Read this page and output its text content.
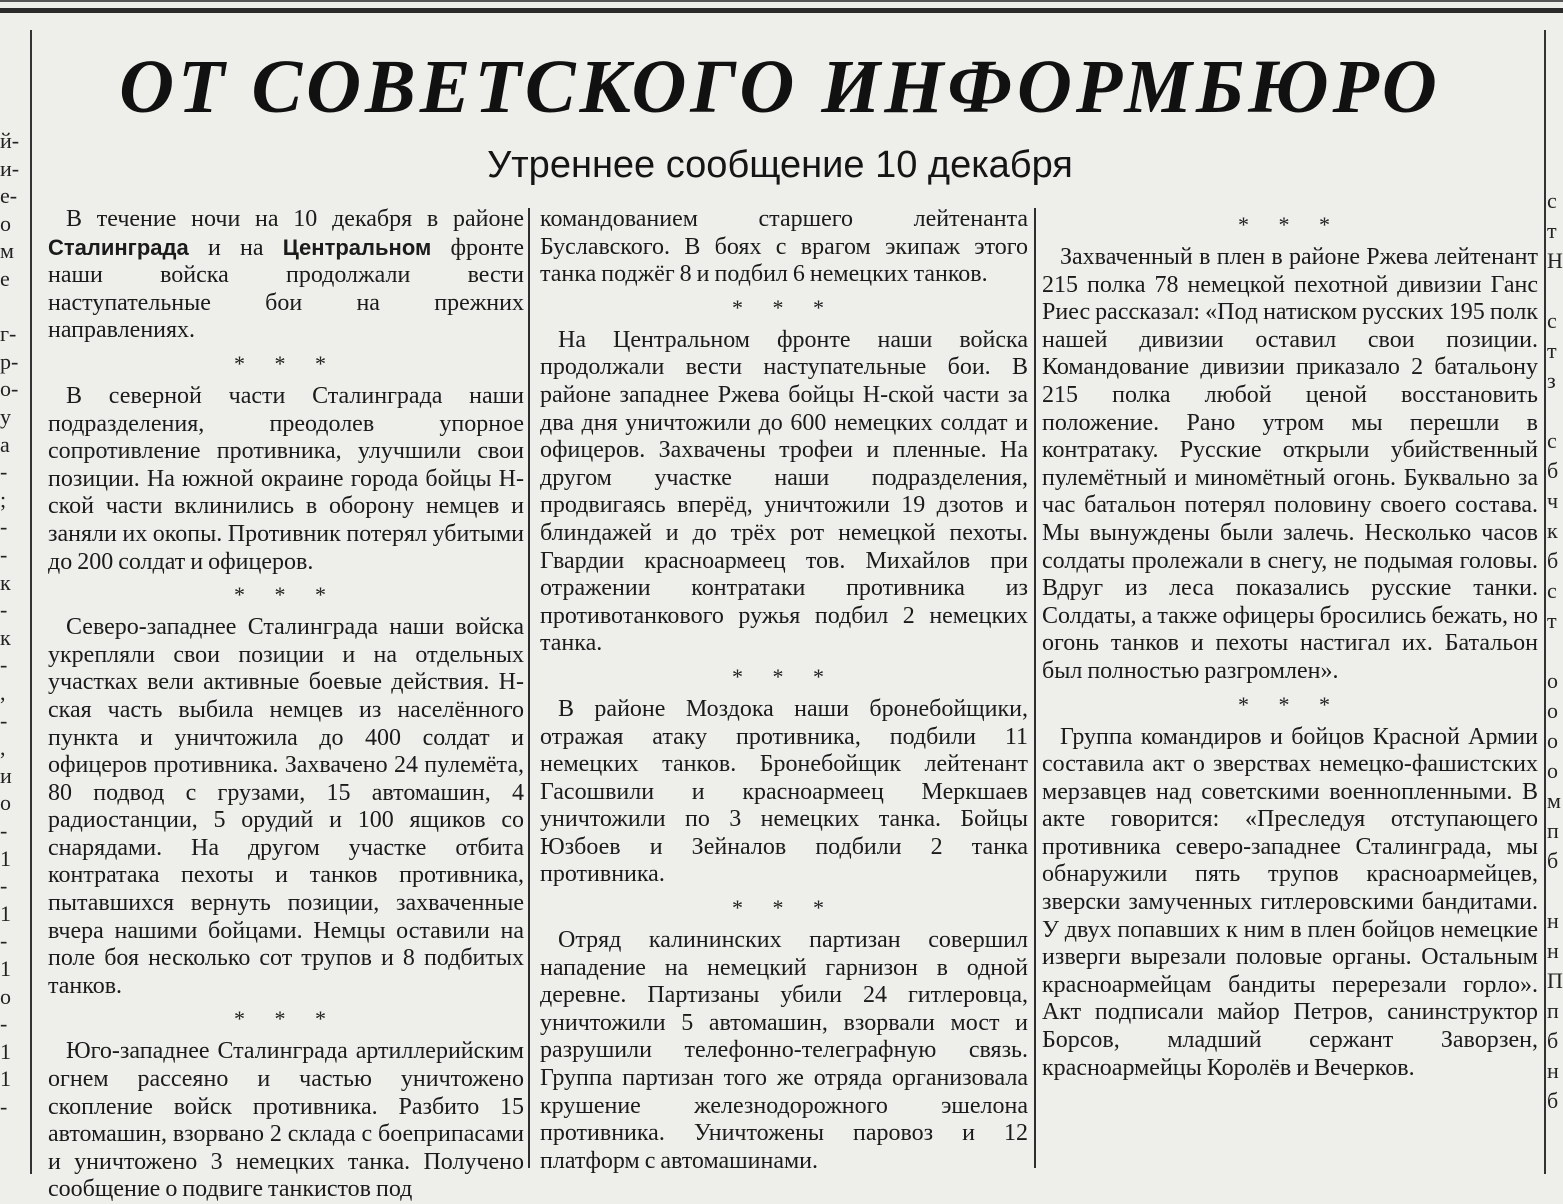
й-
и-
е-
о
м
е
г-
р-
о-
у
а
-
;
-
-
к
-
к
-
,
-
,
и
о
-
1
-
1
-
1
о
-
1
1
-
с
т
Н
с
т
з
с
б
ч
к
б
с
т
о
о
о
о
м
п
б
н
н
П
п
б
н
б
ОТ СОВЕТСКОГО ИНФОРМБЮРО
Утреннее сообщение 10 декабря

В течение ночи на 10 декабря в районе Сталинграда и на Центральном фронте наши войска продолжали вести наступательные бои на прежних направлениях.

* * *

В северной части Сталинграда наши подразделения, преодолев упорное сопротивление противника, улучшили свои позиции. На южной окраине города бойцы Н-ской части вклинились в оборону немцев и заняли их окопы. Противник потерял убитыми до 200 солдат и офицеров.

* * *

Северо-западнее Сталинграда наши войска укрепляли свои позиции и на отдельных участках вели активные боевые действия. Н-ская часть выбила немцев из населённого пункта и уничтожила до 400 солдат и офицеров противника. Захвачено 24 пулемёта, 80 подвод с грузами, 15 автомашин, 4 радиостанции, 5 орудий и 100 ящиков со снарядами. На другом участке отбита контратака пехоты и танков противника, пытавшихся вернуть позиции, захваченные вчера нашими бойцами. Немцы оставили на поле боя несколько сот трупов и 8 подбитых танков.

* * *

Юго-западнее Сталинграда артиллерийским огнем рассеяно и частью уничтожено скопление войск противника. Разбито 15 автомашин, взорвано 2 склада с боеприпасами и уничтожено 3 немецких танка. Получено сообщение о подвиге танкистов под

командованием старшего лейтенанта Буславского. В боях с врагом экипаж этого танка поджёг 8 и подбил 6 немецких танков.

* * *

На Центральном фронте наши войска продолжали вести наступательные бои. В районе западнее Ржева бойцы Н-ской части за два дня уничтожили до 600 немецких солдат и офицеров. Захвачены трофеи и пленные. На другом участке наши подразделения, продвигаясь вперёд, уничтожили 19 дзотов и блиндажей и до трёх рот немецкой пехоты. Гвардии красноармеец тов. Михайлов при отражении контратаки противника из противотанкового ружья подбил 2 немецких танка.

* * *

В районе Моздока наши бронебойщики, отражая атаку противника, подбили 11 немецких танков. Бронебойщик лейтенант Гасошвили и красноармеец Меркшаев уничтожили по 3 немецких танка. Бойцы Юзбоев и Зейналов подбили 2 танка противника.

* * *

Отряд калининских партизан совершил нападение на немецкий гарнизон в одной деревне. Партизаны убили 24 гитлеровца, уничтожили 5 автомашин, взорвали мост и разрушили телефонно-телеграфную связь. Группа партизан того же отряда организовала крушение железнодорожного эшелона противника. Уничтожены паровоз и 12 платформ с автомашинами.

* * *

Захваченный в плен в районе Ржева лейтенант 215 полка 78 немецкой пехотной дивизии Ганс Риес рассказал: «Под натиском русских 195 полк нашей дивизии оставил свои позиции. Командование дивизии приказало 2 батальону 215 полка любой ценой восстановить положение. Рано утром мы перешли в контратаку. Русские открыли убийственный пулемётный и миномётный огонь. Буквально за час батальон потерял половину своего состава. Мы вынуждены были залечь. Несколько часов солдаты пролежали в снегу, не подымая головы. Вдруг из леса показались русские танки. Солдаты, а также офицеры бросились бежать, но огонь танков и пехоты настигал их. Батальон был полностью разгромлен».

* * *

Группа командиров и бойцов Красной Армии составила акт о зверствах немецко-фашистских мерзавцев над советскими военнопленными. В акте говорится: «Преследуя отступающего противника северо-западнее Сталинграда, мы обнаружили пять трупов красноармейцев, зверски замученных гитлеровскими бандитами. У двух попавших к ним в плен бойцов немецкие изверги вырезали половые органы. Остальным красноармейцам бандиты перерезали горло». Акт подписали майор Петров, санинструктор Борсов, младший сержант Заворзен, красноармейцы Королёв и Вечерков.
